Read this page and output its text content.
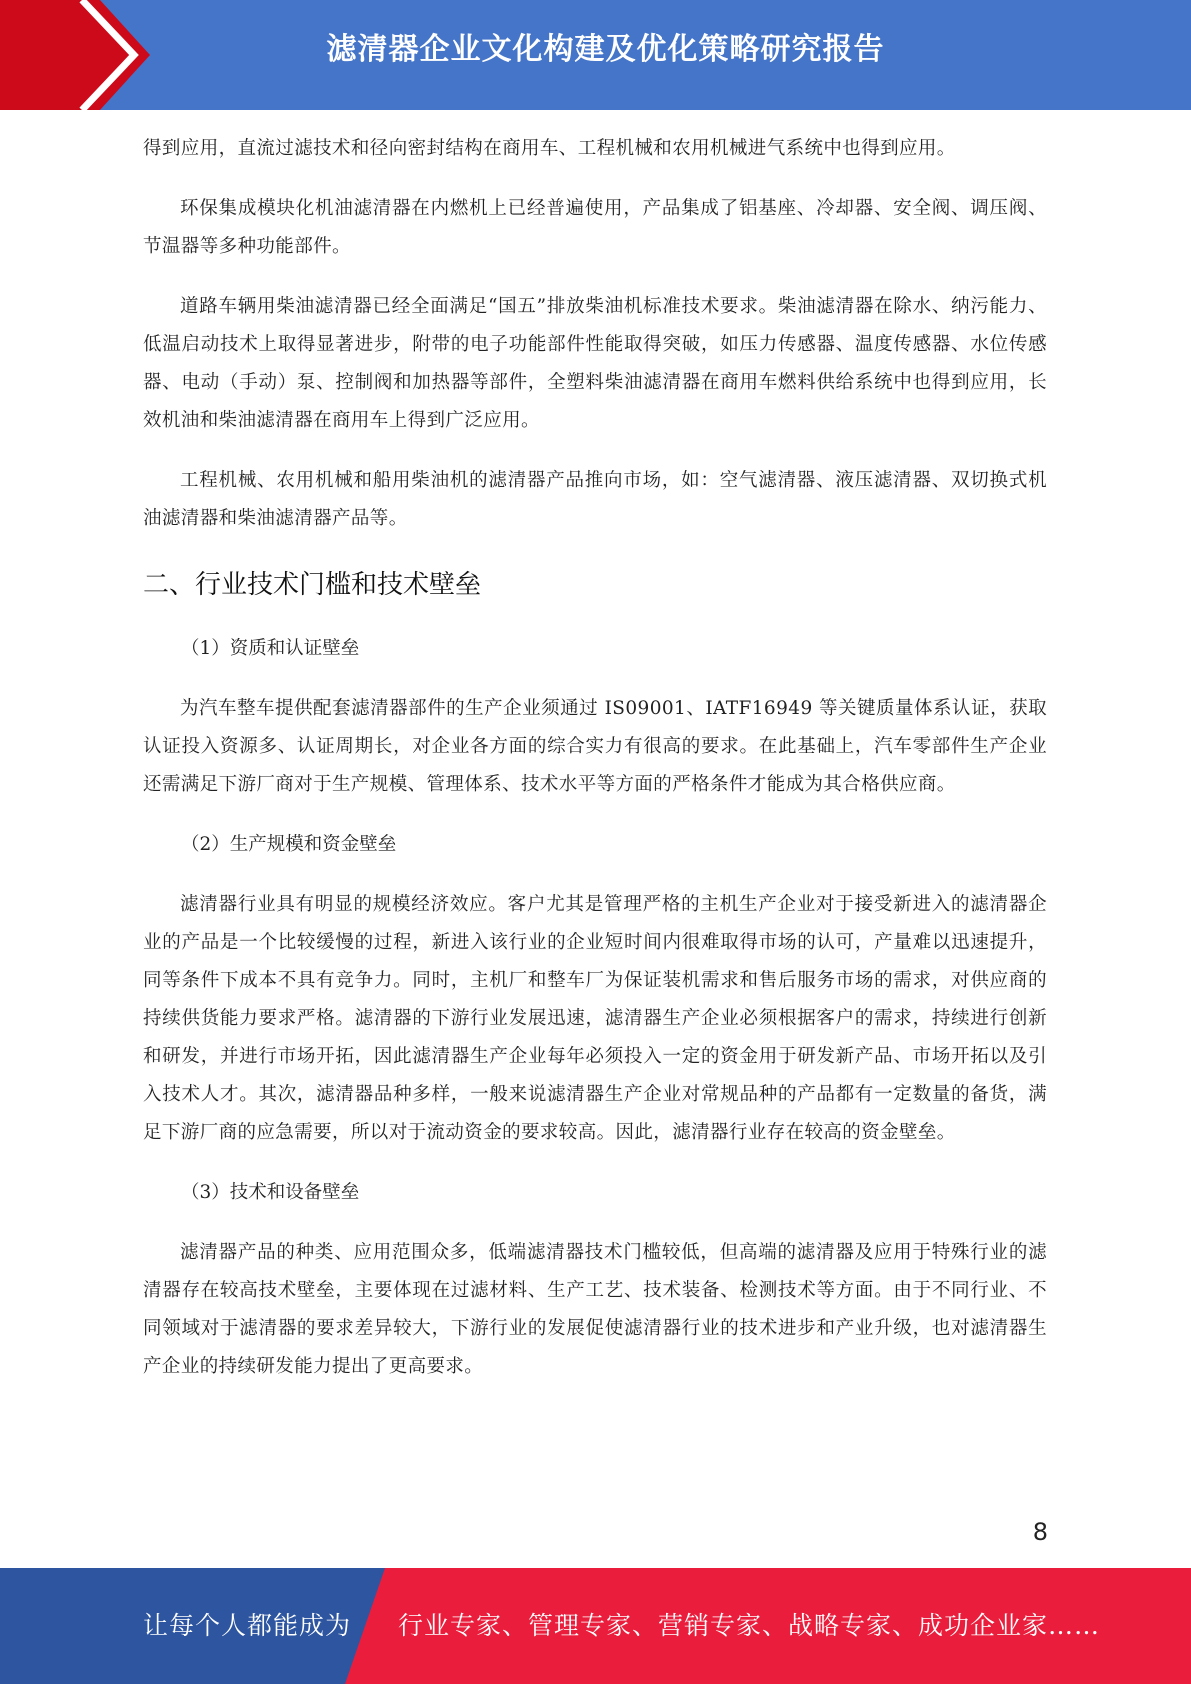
滤清器企业文化构建及优化策略研究报告

得到应用，直流过滤技术和径向密封结构在商用车、工程机械和农用机械进气系统中也得到应用。

环保集成模块化机油滤清器在内燃机上已经普遍使用，产品集成了铝基座、冷却器、安全阀、调压阀、节温器等多种功能部件。

道路车辆用柴油滤清器已经全面满足“国五”排放柴油机标准技术要求。柴油滤清器在除水、纳污能力、低温启动技术上取得显著进步，附带的电子功能部件性能取得突破，如压力传感器、温度传感器、水位传感器、电动（手动）泵、控制阀和加热器等部件，全塑料柴油滤清器在商用车燃料供给系统中也得到应用，长效机油和柴油滤清器在商用车上得到广泛应用。

工程机械、农用机械和船用柴油机的滤清器产品推向市场，如：空气滤清器、液压滤清器、双切换式机油滤清器和柴油滤清器产品等。

二、行业技术门槛和技术壁垒
（1）资质和认证壁垒

为汽车整车提供配套滤清器部件的生产企业须通过 IS09001、IATF16949 等关键质量体系认证，获取认证投入资源多、认证周期长，对企业各方面的综合实力有很高的要求。在此基础上，汽车零部件生产企业还需满足下游厂商对于生产规模、管理体系、技术水平等方面的严格条件才能成为其合格供应商。

（2）生产规模和资金壁垒

滤清器行业具有明显的规模经济效应。客户尤其是管理严格的主机生产企业对于接受新进入的滤清器企业的产品是一个比较缓慢的过程，新进入该行业的企业短时间内很难取得市场的认可，产量难以迅速提升，同等条件下成本不具有竞争力。同时，主机厂和整车厂为保证装机需求和售后服务市场的需求，对供应商的持续供货能力要求严格。滤清器的下游行业发展迅速，滤清器生产企业必须根据客户的需求，持续进行创新和研发，并进行市场开拓，因此滤清器生产企业每年必须投入一定的资金用于研发新产品、市场开拓以及引入技术人才。其次，滤清器品种多样，一般来说滤清器生产企业对常规品种的产品都有一定数量的备货，满足下游厂商的应急需要，所以对于流动资金的要求较高。因此，滤清器行业存在较高的资金壁垒。

（3）技术和设备壁垒

滤清器产品的种类、应用范围众多，低端滤清器技术门槛较低，但高端的滤清器及应用于特殊行业的滤清器存在较高技术壁垒，主要体现在过滤材料、生产工艺、技术装备、检测技术等方面。由于不同行业、不同领域对于滤清器的要求差异较大，下游行业的发展促使滤清器行业的技术进步和产业升级，也对滤清器生产企业的持续研发能力提出了更高要求。

8
让每个人都能成为 行业专家、管理专家、营销专家、战略专家、成功企业家……
